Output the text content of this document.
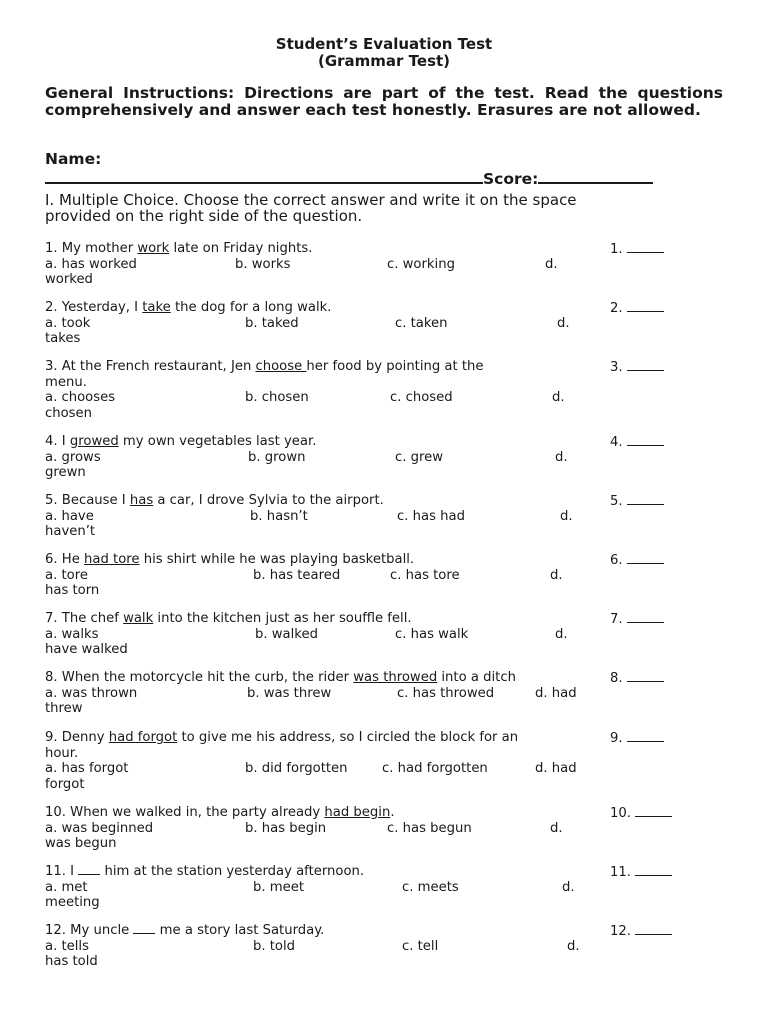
Student’s Evaluation Test
(Grammar Test)
General Instructions: Directions are part of the test. Read the questions comprehensively and answer each test honestly. Erasures are not allowed.
Name:
Score:
I. Multiple Choice. Choose the correct answer and write it on the space
provided on the right side of the question.
1. My mother work late on Friday nights.	1.
a. has worked	b. works	c. working	d.
worked
2. Yesterday, I take the dog for a long walk.	2.
a. took	b. taked	c. taken	d.
takes
3. At the French restaurant, Jen choose her food by pointing at the
menu.
3.
a. chooses	b. chosen	c. chosed	d.
chosen
4. I growed my own vegetables last year.	4.
a. grows	b. grown	c. grew	d.
grewn
5. Because I has a car, I drove Sylvia to the airport.	5.
a. have	b. hasn’t	c. has had	d.
haven’t
6. He had tore his shirt while he was playing basketball.	6.
a. tore	b. has teared	c. has tore	d.
has torn
7. The chef walk into the kitchen just as her souffle fell.	7.
a. walks	b. walked	c. has walk	d.
have walked
8. When the motorcycle hit the curb, the rider was throwed into a ditch	8.
a. was thrown	b. was threw	c. has throwed	d. had
threw
9. Denny had forgot to give me his address, so I circled the block for an
hour.
9.
a. has forgot	b. did forgotten	c. had forgotten	d. had
forgot
10. When we walked in, the party already had begin.	10.
a. was beginned	b. has begin	c. has begun	d.
was begun
11. I  him at the station yesterday afternoon.	11.
a. met	b. meet	c. meets	d.
meeting
12. My uncle  me a story last Saturday.	12.
a. tells	b. told	c. tell	d.
has told
